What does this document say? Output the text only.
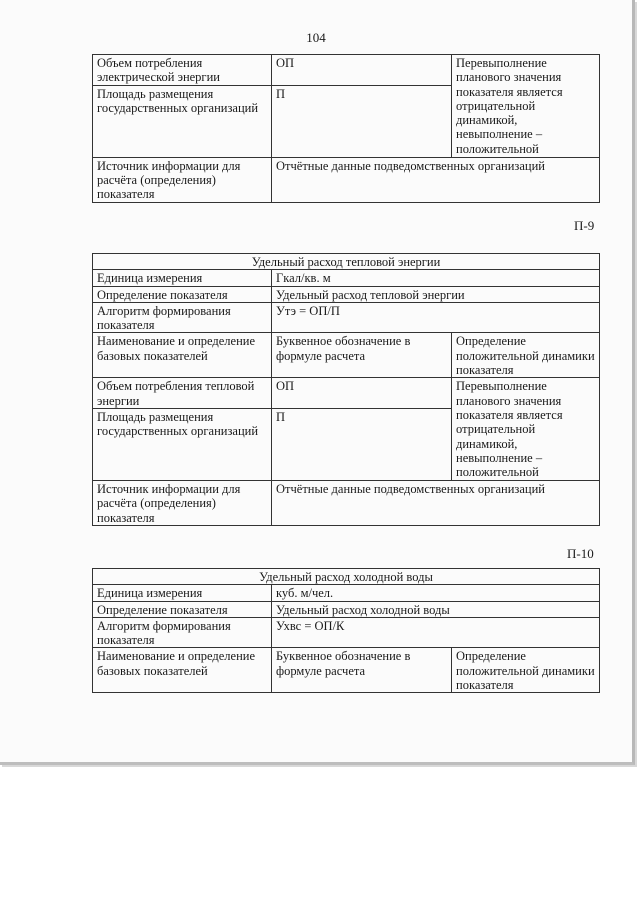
104
Объем потребления электрической энергии	ОП	Перевыполнение планового значения показателя является отрицательной динамикой, невыполнение – положительной
Площадь размещения государственных организаций	П	
Источник информации для расчёта (определения) показателя	Отчётные данные подведомственных организаций	
П-9
Удельный расход тепловой энергии		
Единица измерения	Гкал/кв. м	
Определение показателя	Удельный расход тепловой энергии	
Алгоритм формирования показателя	Утэ = ОП/П	
Наименование и определение базовых показателей	Буквенное обозначение в формуле расчета	Определение положительной динамики показателя
Объем потребления тепловой энергии	ОП	Перевыполнение планового значения показателя является отрицательной динамикой, невыполнение – положительной
Площадь размещения государственных организаций	П	
Источник информации для расчёта (определения) показателя	Отчётные данные подведомственных организаций	
П-10
Удельный расход холодной воды		
Единица измерения	куб. м/чел.	
Определение показателя	Удельный расход холодной воды	
Алгоритм формирования показателя	Ухвс = ОП/К	
Наименование и определение базовых показателей	Буквенное обозначение в формуле расчета	Определение положительной динамики показателя
